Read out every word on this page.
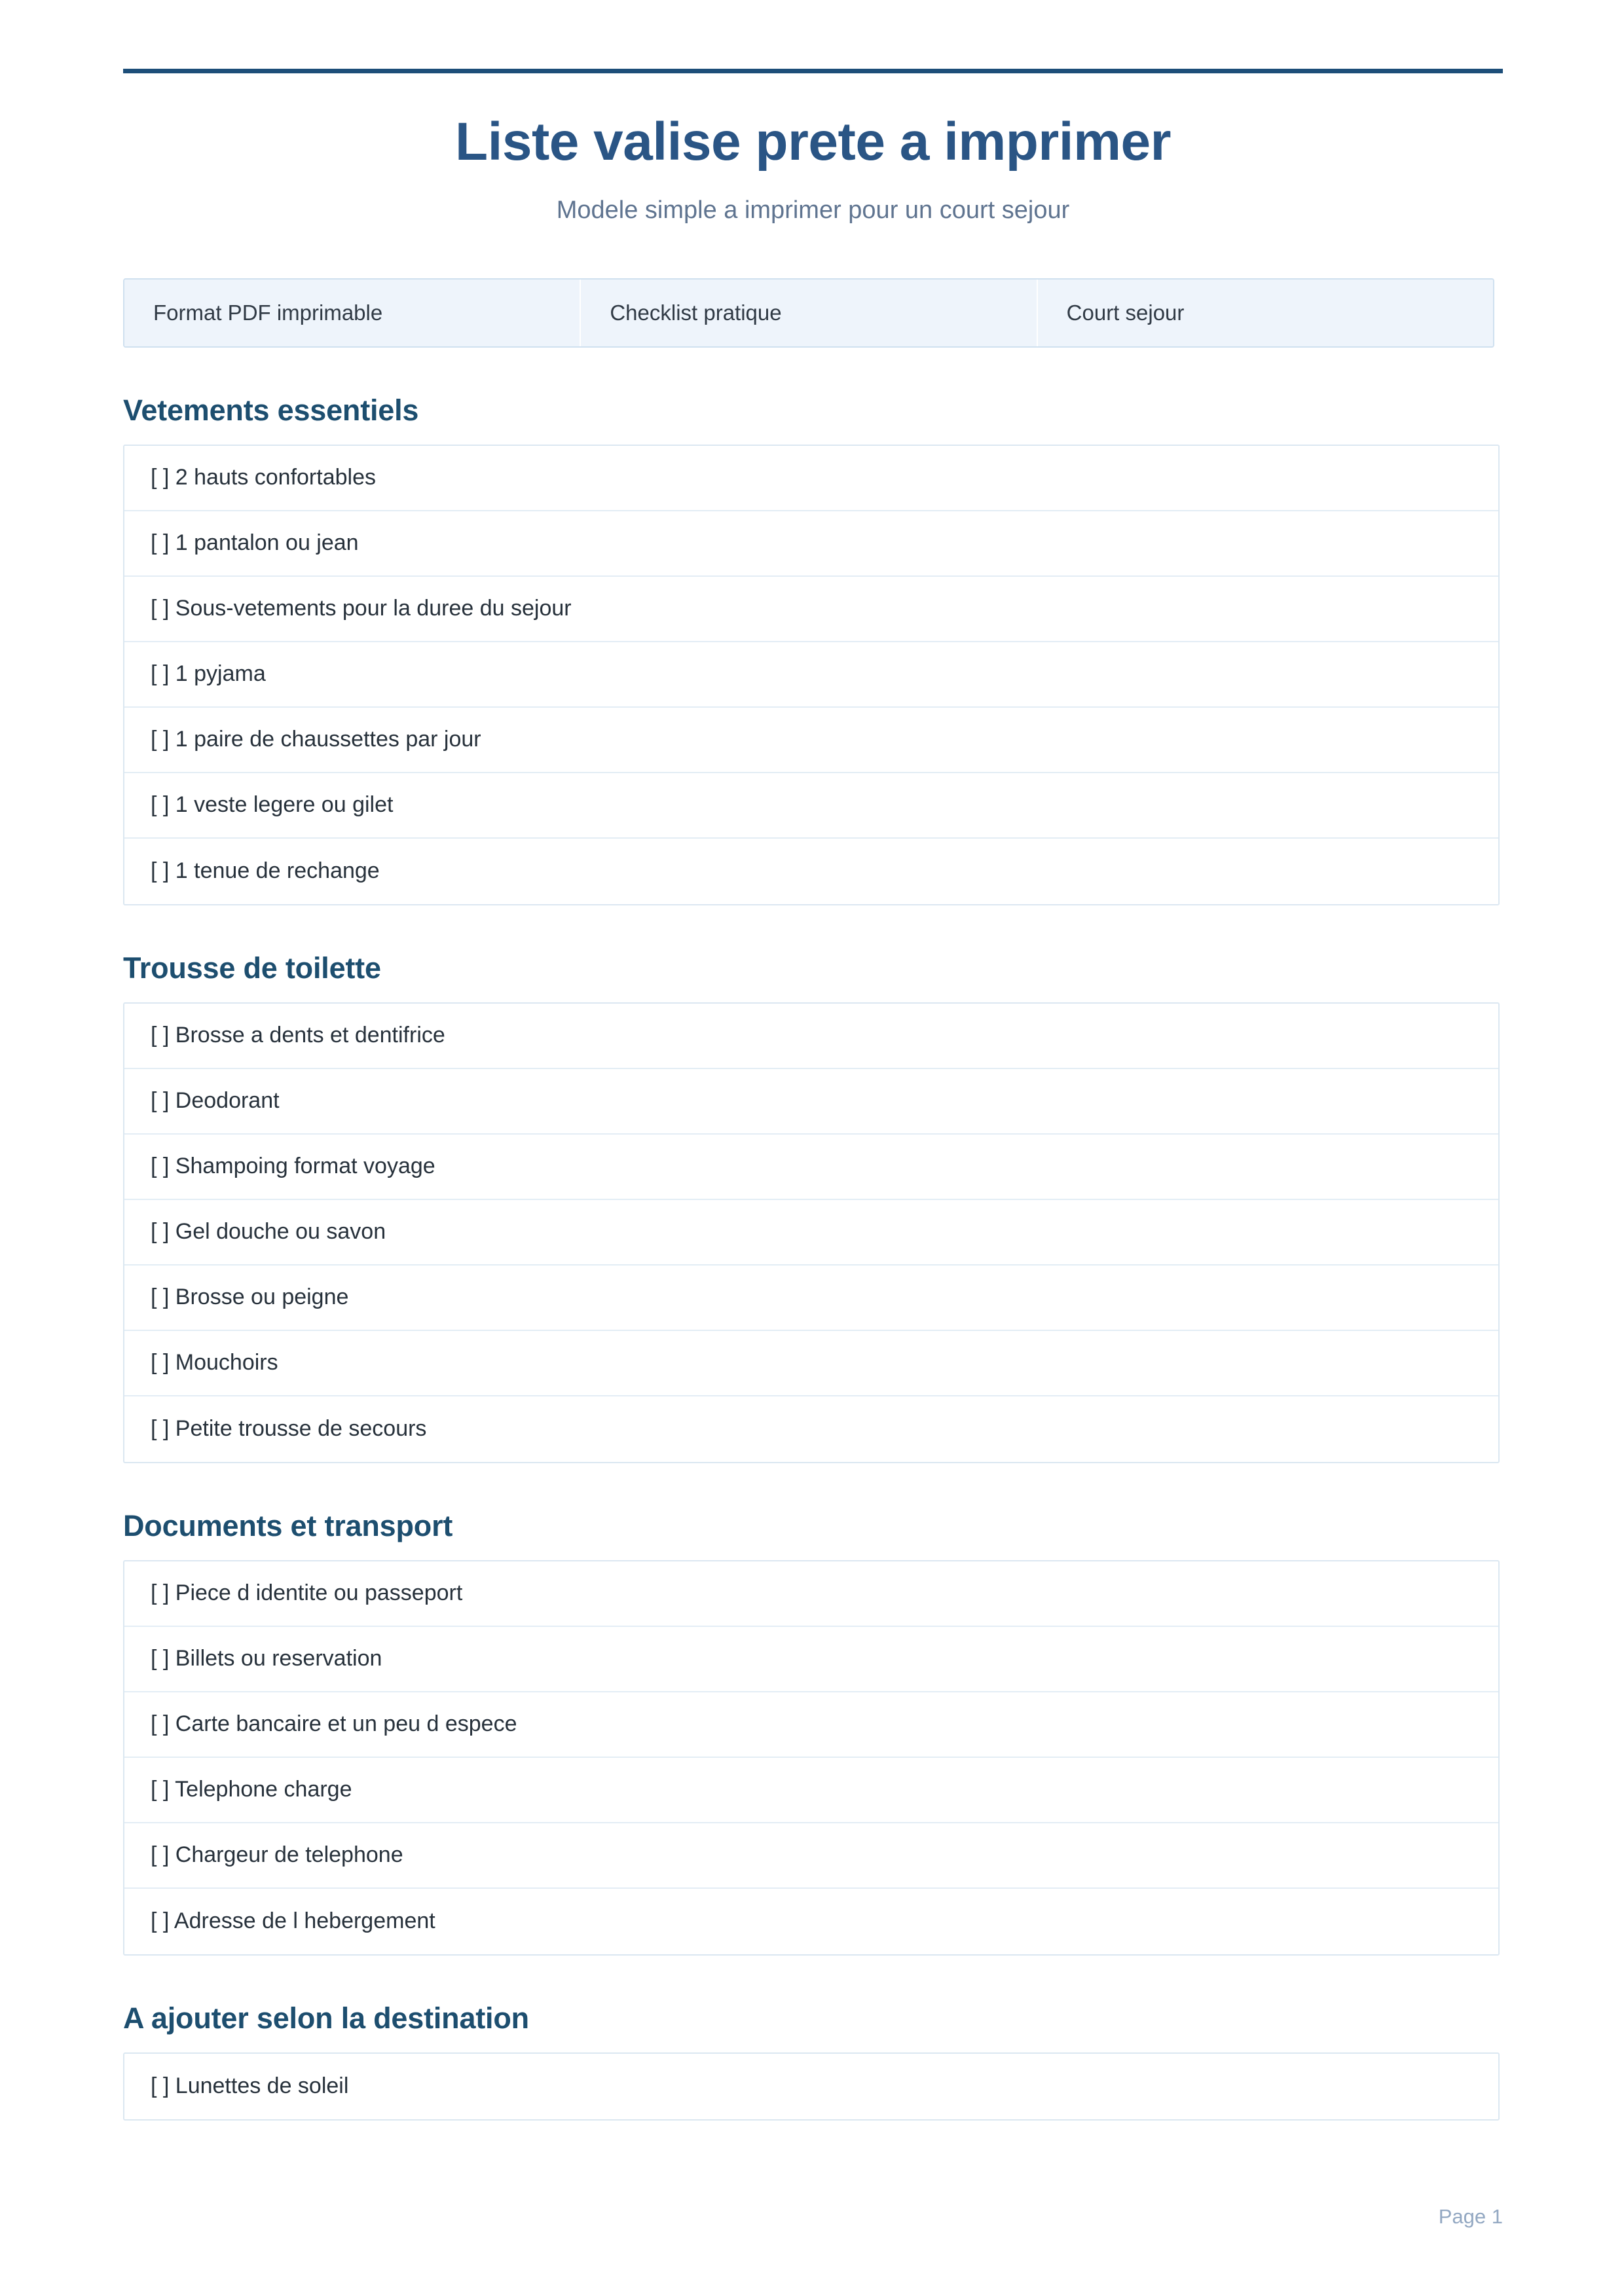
Liste valise prete a imprimer

Modele simple a imprimer pour un court sejour

Format PDF imprimable	Checklist pratique	Court sejour
Vetements essentiels
[ ] 2 hauts confortables
[ ] 1 pantalon ou jean
[ ] Sous-vetements pour la duree du sejour
[ ] 1 pyjama
[ ] 1 paire de chaussettes par jour
[ ] 1 veste legere ou gilet
[ ] 1 tenue de rechange
Trousse de toilette
[ ] Brosse a dents et dentifrice
[ ] Deodorant
[ ] Shampoing format voyage
[ ] Gel douche ou savon
[ ] Brosse ou peigne
[ ] Mouchoirs
[ ] Petite trousse de secours
Documents et transport
[ ] Piece d identite ou passeport
[ ] Billets ou reservation
[ ] Carte bancaire et un peu d espece
[ ] Telephone charge
[ ] Chargeur de telephone
[ ] Adresse de l hebergement
A ajouter selon la destination
[ ] Lunettes de soleil
Page 1
